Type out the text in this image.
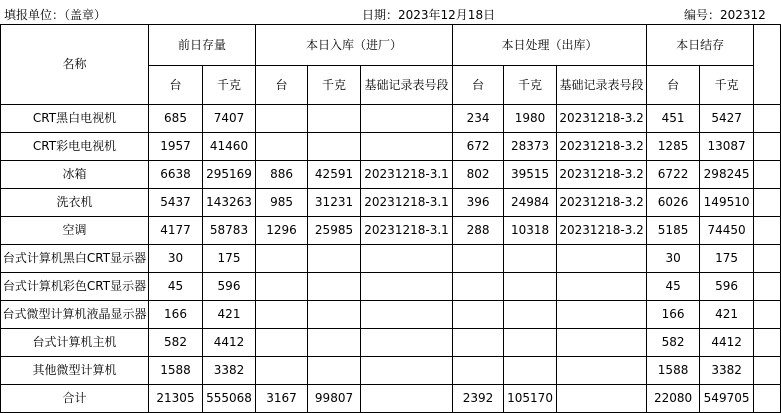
填报单位：（盖章）	日期：2023年12月18日	编号：202312
名称	前日存量		本日入库（进厂）			本日处理（出库）			本日结存		
	台	千克	台	千克	基础记录表号段	台	千克	基础记录表号段	台	千克	
CRT黑白电视机	685	7407				234	1980	20231218-3.2	451	5427	
CRT彩电电视机	1957	41460				672	28373	20231218-3.2	1285	13087	
冰箱	6638	295169	886	42591	20231218-3.1	802	39515	20231218-3.2	6722	298245	
洗衣机	5437	143263	985	31231	20231218-3.1	396	24984	20231218-3.2	6026	149510	
空调	4177	58783	1296	25985	20231218-3.1	288	10318	20231218-3.2	5185	74450	
台式计算机黑白CRT显示器	30	175							30	175	
台式计算机彩色CRT显示器	45	596							45	596	
台式微型计算机液晶显示器	166	421							166	421	
台式计算机主机	582	4412							582	4412	
其他微型计算机	1588	3382							1588	3382	
合计	21305	555068	3167	99807		2392	105170		22080	549705	
